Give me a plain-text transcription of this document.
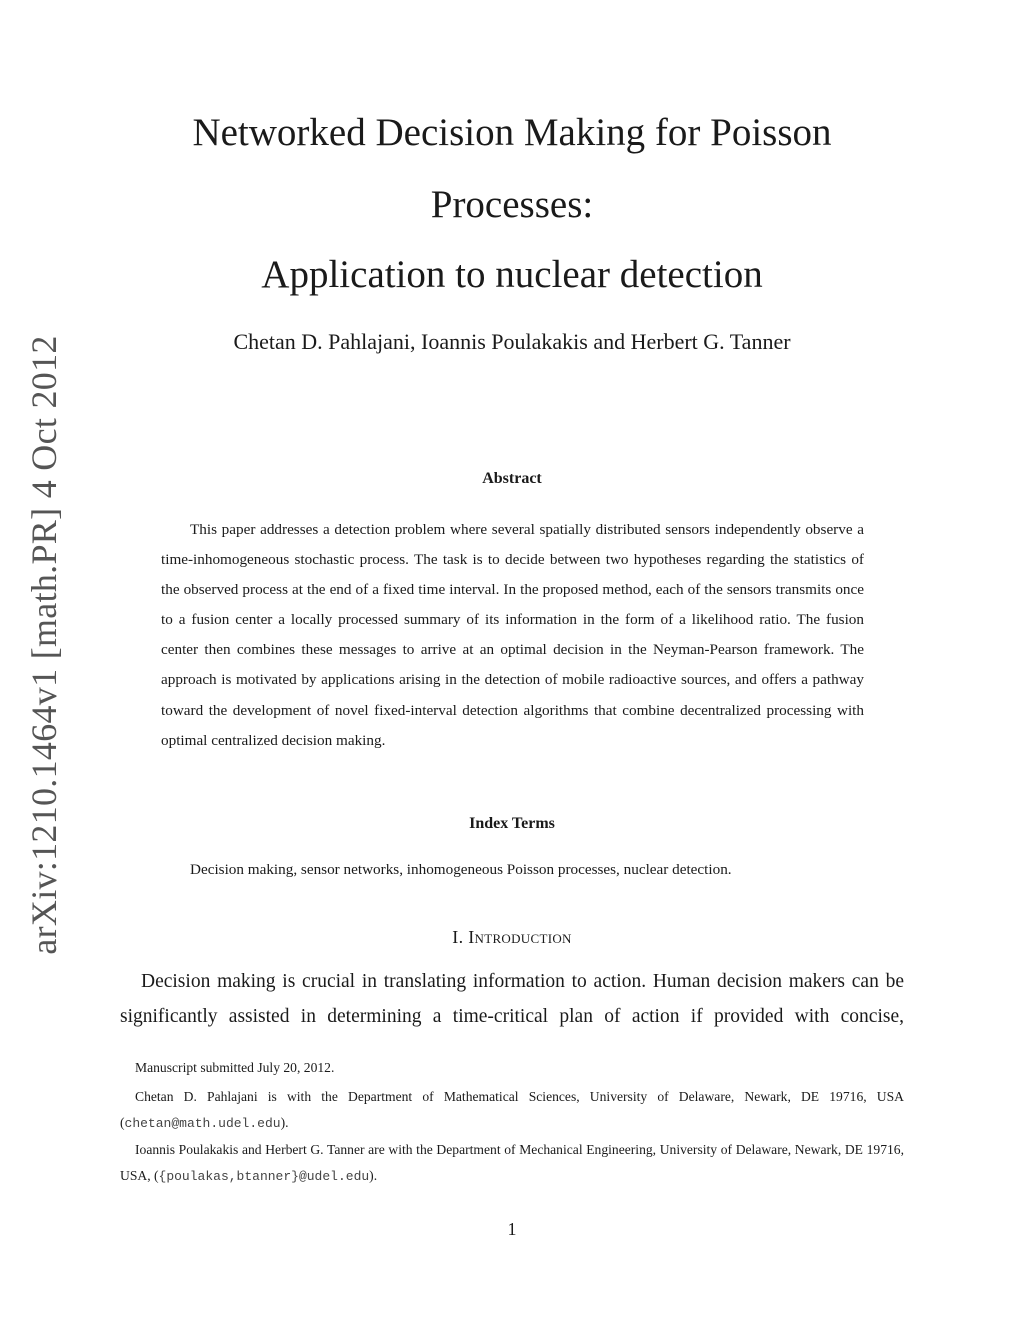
arXiv:1210.1464v1 [math.PR] 4 Oct 2012
Networked Decision Making for Poisson
Processes:
Application to nuclear detection
Chetan D. Pahlajani, Ioannis Poulakakis and Herbert G. Tanner
Abstract

This paper addresses a detection problem where several spatially distributed sensors independently observe a time-inhomogeneous stochastic process. The task is to decide between two hypotheses regarding the statistics of the observed process at the end of a fixed time interval. In the proposed method, each of the sensors transmits once to a fusion center a locally processed summary of its information in the form of a likelihood ratio. The fusion center then combines these messages to arrive at an optimal decision in the Neyman-Pearson framework. The approach is motivated by applications arising in the detection of mobile radioactive sources, and offers a pathway toward the development of novel fixed-interval detection algorithms that combine decentralized processing with optimal centralized decision making.

Index Terms

Decision making, sensor networks, inhomogeneous Poisson processes, nuclear detection.

I. Introduction

Decision making is crucial in translating information to action. Human decision makers can be significantly assisted in determining a time-critical plan of action if provided with concise,

Manuscript submitted July 20, 2012.

Chetan D. Pahlajani is with the Department of Mathematical Sciences, University of Delaware, Newark, DE 19716, USA (chetan@math.udel.edu).

Ioannis Poulakakis and Herbert G. Tanner are with the Department of Mechanical Engineering, University of Delaware, Newark, DE 19716, USA, ({poulakas,btanner}@udel.edu).

1
